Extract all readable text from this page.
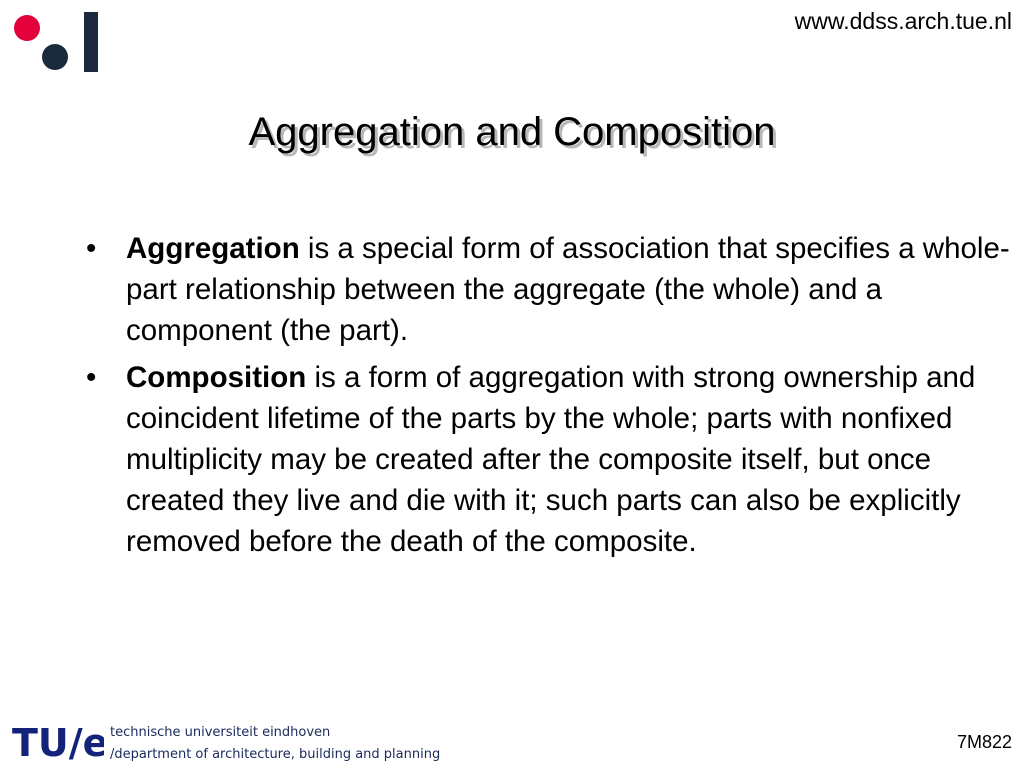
www.ddss.arch.tue.nl
Aggregation and Composition
• Aggregation is a special form of association that specifies a whole-part relationship between the aggregate (the whole) and a component (the part).
• Composition is a form of aggregation with strong ownership and coincident lifetime of the parts by the whole; parts with nonfixed multiplicity may be created after the composite itself, but once created they live and die with it; such parts can also be explicitly removed before the death of the composite.
TU/e technische universiteit eindhoven
/department of architecture, building and planning
7M822
